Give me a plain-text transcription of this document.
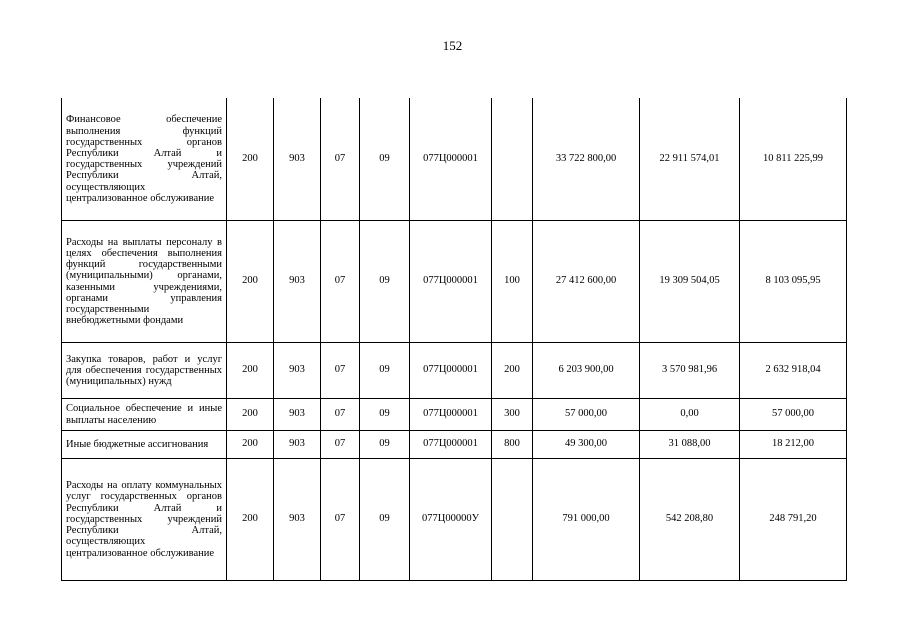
152
Финансовое обеспечение выполнения функций государственных органов Республики Алтай и государственных учреждений Республики Алтай, осуществляющих централизованное обслуживание	200	903	07	09	077Ц000001		33 722 800,00	22 911 574,01	10 811 225,99
Расходы на выплаты персоналу в целях обеспечения выполнения функций государственными (муниципальными) органами, казенными учреждениями, органами управления государственными внебюджетными фондами	200	903	07	09	077Ц000001	100	27 412 600,00	19 309 504,05	8 103 095,95
Закупка товаров, работ и услуг для обеспечения государственных (муниципальных) нужд	200	903	07	09	077Ц000001	200	6 203 900,00	3 570 981,96	2 632 918,04
Социальное обеспечение и иные выплаты населению	200	903	07	09	077Ц000001	300	57 000,00	0,00	57 000,00
Иные бюджетные ассигнования	200	903	07	09	077Ц000001	800	49 300,00	31 088,00	18 212,00
Расходы на оплату коммунальных услуг государственных органов Республики Алтай и государственных учреждений Республики Алтай, осуществляющих централизованное обслуживание	200	903	07	09	077Ц00000У		791 000,00	542 208,80	248 791,20
